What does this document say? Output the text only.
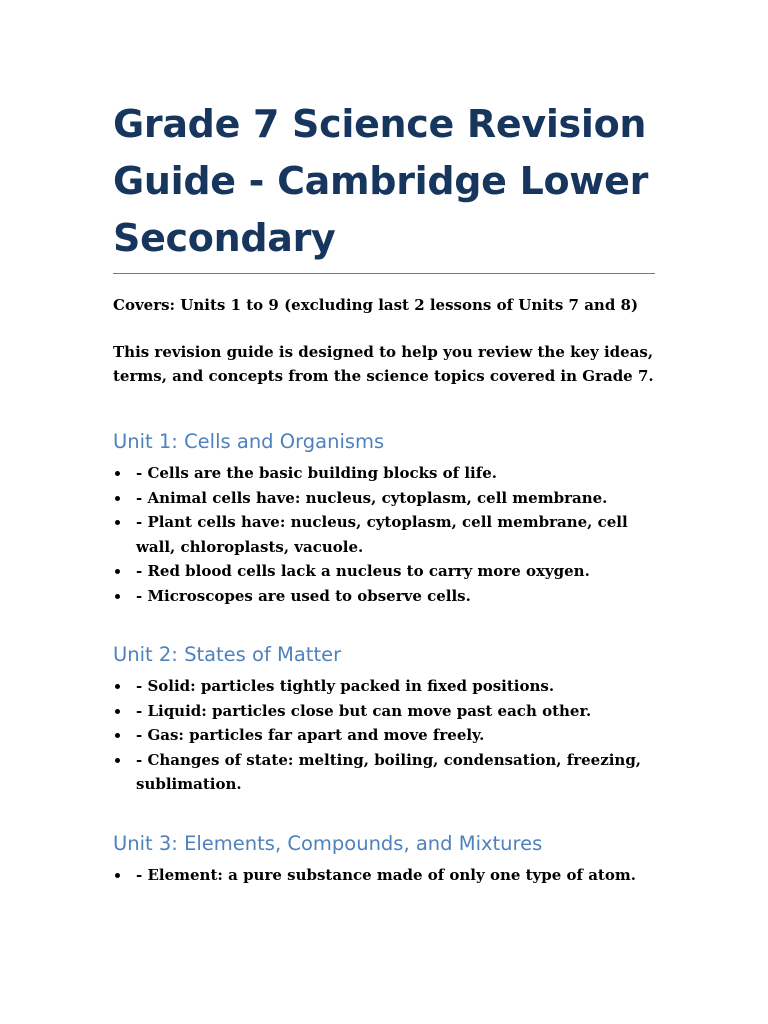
Grade 7 Science Revision Guide - Cambridge Lower Secondary

Covers: Units 1 to 9 (excluding last 2 lessons of Units 7 and 8)

This revision guide is designed to help you review the key ideas, terms, and concepts from the science topics covered in Grade 7.

Unit 1: Cells and Organisms
- Cells are the basic building blocks of life.
- Animal cells have: nucleus, cytoplasm, cell membrane.
- Plant cells have: nucleus, cytoplasm, cell membrane, cell wall, chloroplasts, vacuole.
- Red blood cells lack a nucleus to carry more oxygen.
- Microscopes are used to observe cells.
Unit 2: States of Matter
- Solid: particles tightly packed in fixed positions.
- Liquid: particles close but can move past each other.
- Gas: particles far apart and move freely.
- Changes of state: melting, boiling, condensation, freezing, sublimation.
Unit 3: Elements, Compounds, and Mixtures
- Element: a pure substance made of only one type of atom.
